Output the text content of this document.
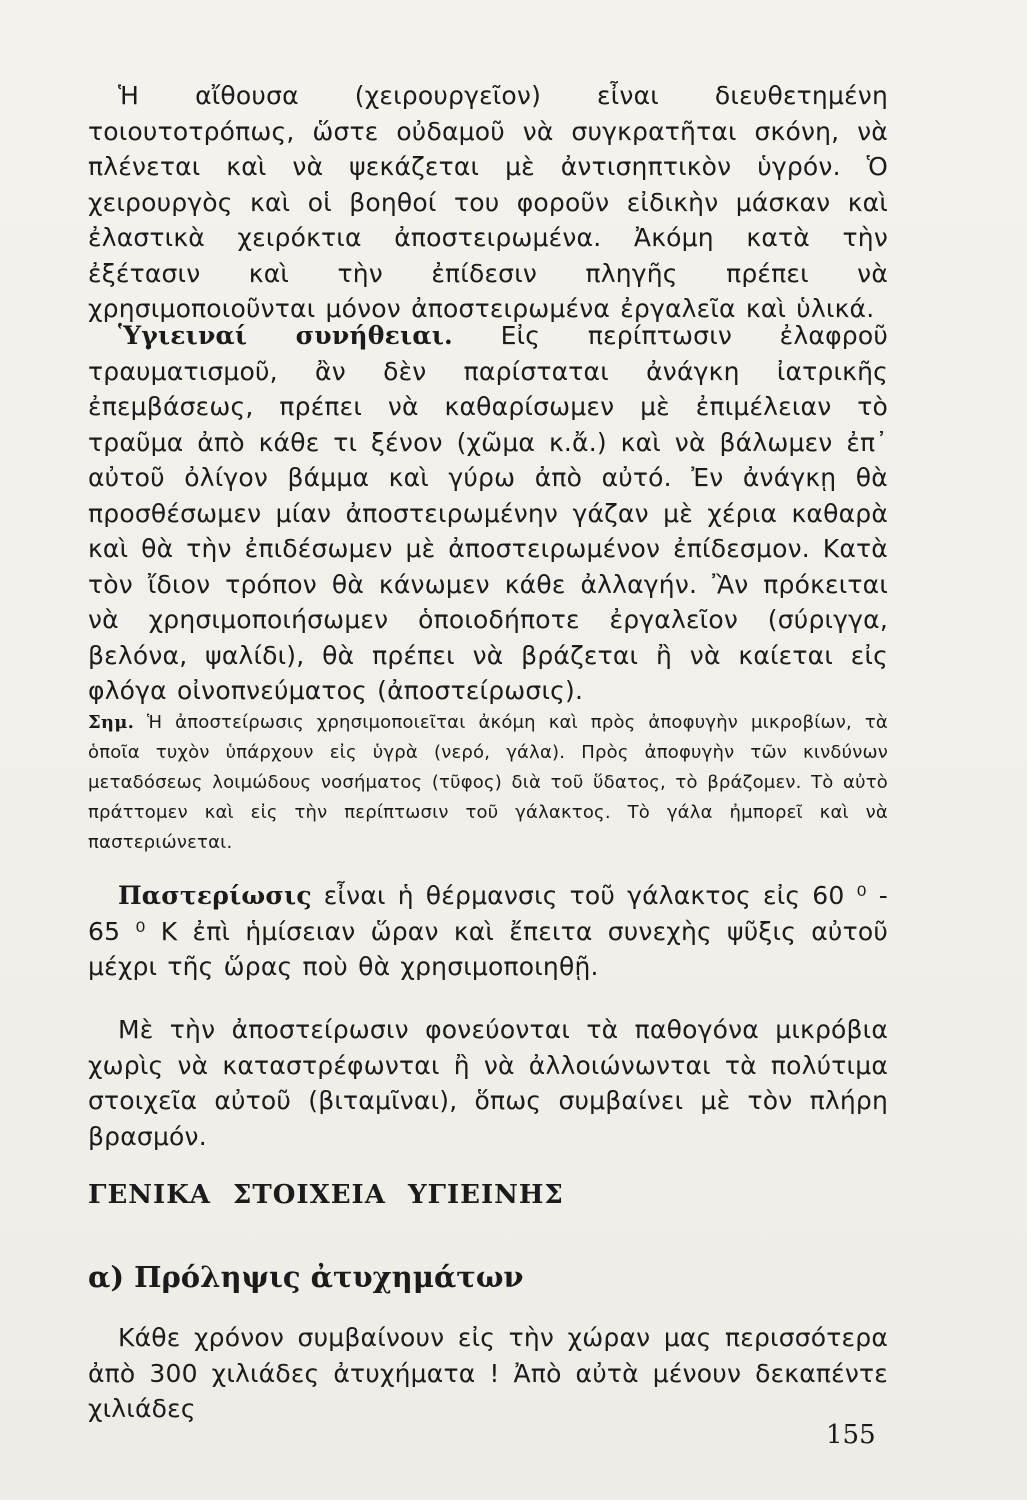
Ἡ αἴθουσα (χειρουργεῖον) εἶναι διευθετημένη τοιουτοτρόπως, ὥστε οὐδαμοῦ νὰ συγκρατῆται σκόνη, νὰ πλένεται καὶ νὰ ψεκάζεται μὲ ἀντισηπτικὸν ὑγρόν. Ὁ χειρουργὸς καὶ οἱ βοηθοί του φοροῦν εἰδικὴν μάσκαν καὶ ἐλαστικὰ χειρόκτια ἀποστειρωμένα. Ἀκόμη κατὰ τὴν ἐξέτασιν καὶ τὴν ἐπίδεσιν πληγῆς πρέπει νὰ χρησιμοποιοῦνται μόνον ἀποστειρωμένα ἐργαλεῖα καὶ ὑλικά.

Ὑγιειναί συνήθειαι. Εἰς περίπτωσιν ἐλαφροῦ τραυματισμοῦ, ἂν δὲν παρίσταται ἀνάγκη ἰατρικῆς ἐπεμβάσεως, πρέπει νὰ καθαρίσωμεν μὲ ἐπιμέλειαν τὸ τραῦμα ἀπὸ κάθε τι ξένον (χῶμα κ.ἄ.) καὶ νὰ βάλωμεν ἐπ᾿ αὐτοῦ ὀλίγον βάμμα καὶ γύρω ἀπὸ αὐτό. Ἐν ἀνάγκῃ θὰ προσθέσωμεν μίαν ἀποστειρωμένην γάζαν μὲ χέρια καθαρὰ καὶ θὰ τὴν ἐπιδέσωμεν μὲ ἀποστειρωμένον ἐπίδεσμον. Κατὰ τὸν ἴδιον τρόπον θὰ κάνωμεν κάθε ἀλλαγήν. Ἂν πρόκειται νὰ χρησιμοποιήσωμεν ὁποιοδήποτε ἐργαλεῖον (σύριγγα, βελόνα, ψαλίδι), θὰ πρέπει νὰ βράζεται ἢ νὰ καίεται εἰς φλόγα οἰνοπνεύματος (ἀποστείρωσις).

Σημ. Ἡ ἀποστείρωσις χρησιμοποιεῖται ἀκόμη καὶ πρὸς ἀποφυγὴν μικροβίων, τὰ ὁποῖα τυχὸν ὑπάρχουν εἰς ὑγρὰ (νερό, γάλα). Πρὸς ἀποφυγὴν τῶν κινδύνων μεταδόσεως λοιμώδους νοσήματος (τῦφος) διὰ τοῦ ὕδατος, τὸ βράζομεν. Τὸ αὐτὸ πράττομεν καὶ εἰς τὴν περίπτωσιν τοῦ γάλακτος. Τὸ γάλα ἠμπορεῖ καὶ νὰ παστεριώνεται.

Παστερίωσις εἶναι ἡ θέρμανσις τοῦ γάλακτος εἰς 60 ⁰ - 65 ⁰ Κ ἐπὶ ἡμίσειαν ὥραν καὶ ἔπειτα συνεχὴς ψῦξις αὐτοῦ μέχρι τῆς ὥρας ποὺ θὰ χρησιμοποιηθῇ.

Μὲ τὴν ἀποστείρωσιν φονεύονται τὰ παθογόνα μικρόβια χωρὶς νὰ καταστρέφωνται ἢ νὰ ἀλλοιώνωνται τὰ πολύτιμα στοιχεῖα αὐτοῦ (βιταμῖναι), ὅπως συμβαίνει μὲ τὸν πλήρη βρασμόν.

ΓΕΝΙΚΑ ΣΤΟΙΧΕΙΑ ΥΓΙΕΙΝΗΣ
α) Πρόληψις ἀτυχημάτων

Κάθε χρόνον συμβαίνουν εἰς τὴν χώραν μας περισσότερα ἀπὸ 300 χιλιάδες ἀτυχήματα ! Ἀπὸ αὐτὰ μένουν δεκαπέντε χιλιάδες

155
